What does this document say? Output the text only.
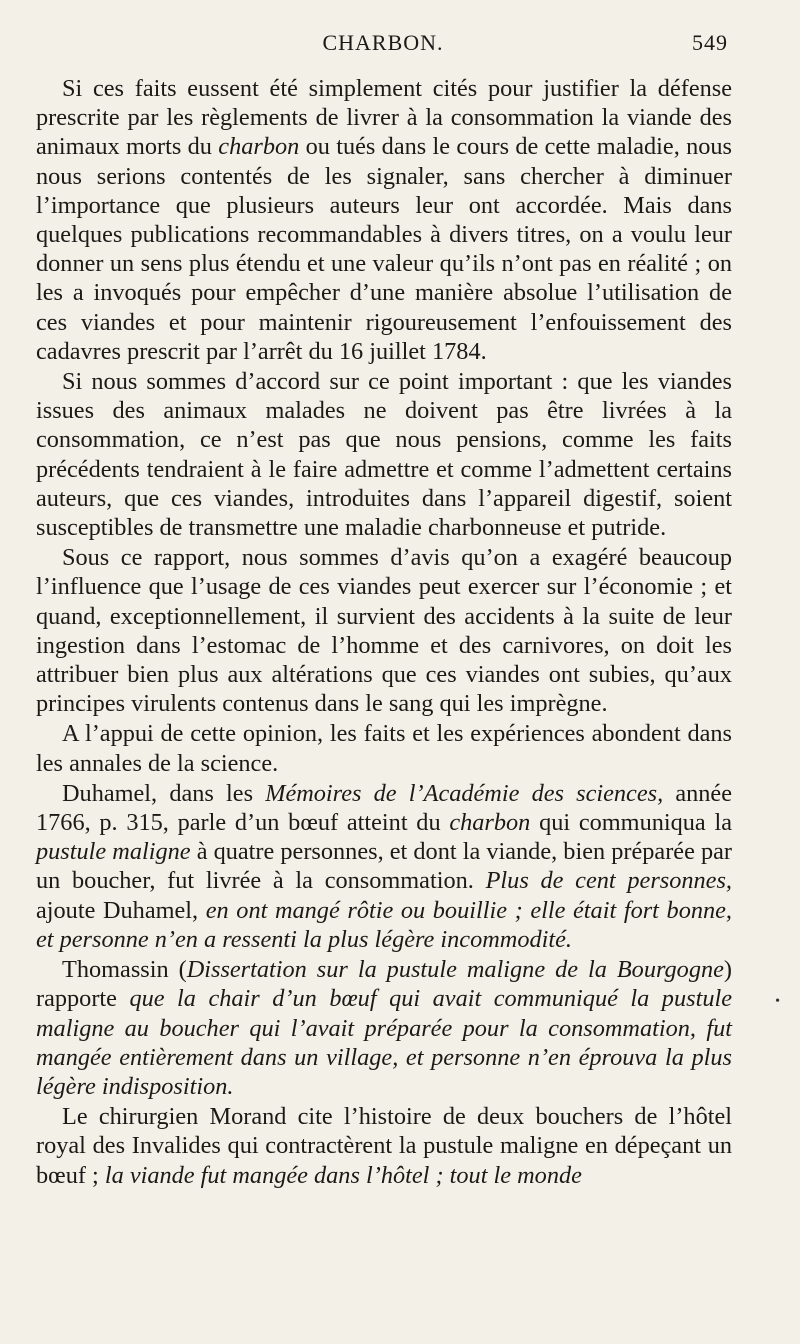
CHARBON.	549

Si ces faits eussent été simplement cités pour justifier la défense prescrite par les règlements de livrer à la consommation la viande des animaux morts du charbon ou tués dans le cours de cette maladie, nous nous serions contentés de les signaler, sans chercher à diminuer l’importance que plusieurs auteurs leur ont accordée. Mais dans quelques publications recommandables à divers titres, on a voulu leur donner un sens plus étendu et une valeur qu’ils n’ont pas en réalité ; on les a invoqués pour empêcher d’une manière absolue l’utilisation de ces viandes et pour maintenir rigoureusement l’enfouissement des cadavres prescrit par l’arrêt du 16 juillet 1784.

Si nous sommes d’accord sur ce point important : que les viandes issues des animaux malades ne doivent pas être livrées à la consommation, ce n’est pas que nous pensions, comme les faits précédents tendraient à le faire admettre et comme l’admettent certains auteurs, que ces viandes, introduites dans l’appareil digestif, soient susceptibles de transmettre une maladie charbonneuse et putride.

Sous ce rapport, nous sommes d’avis qu’on a exagéré beaucoup l’influence que l’usage de ces viandes peut exercer sur l’économie ; et quand, exceptionnellement, il survient des accidents à la suite de leur ingestion dans l’estomac de l’homme et des carnivores, on doit les attribuer bien plus aux altérations que ces viandes ont subies, qu’aux principes virulents contenus dans le sang qui les imprègne.

A l’appui de cette opinion, les faits et les expériences abondent dans les annales de la science.

Duhamel, dans les Mémoires de l’Académie des sciences, année 1766, p. 315, parle d’un bœuf atteint du charbon qui communiqua la pustule maligne à quatre personnes, et dont la viande, bien préparée par un boucher, fut livrée à la consommation. Plus de cent personnes, ajoute Duhamel, en ont mangé rôtie ou bouillie ; elle était fort bonne, et personne n’en a ressenti la plus légère incommodité.

Thomassin (Dissertation sur la pustule maligne de la Bourgogne) rapporte que la chair d’un bœuf qui avait communiqué la pustule maligne au boucher qui l’avait préparée pour la consommation, fut mangée entièrement dans un village, et personne n’en éprouva la plus légère indisposition.

Le chirurgien Morand cite l’histoire de deux bouchers de l’hôtel royal des Invalides qui contractèrent la pustule maligne en dépeçant un bœuf ; la viande fut mangée dans l’hôtel ; tout le monde

•
